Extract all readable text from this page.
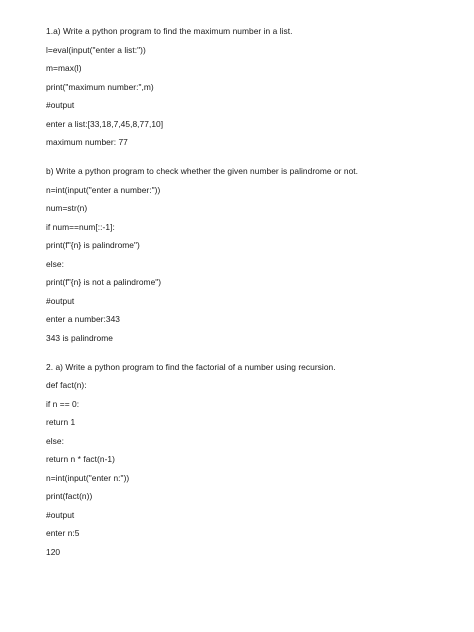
1.a) Write a python program to find the maximum number in a list.

l=eval(input("enter a list:"))

m=max(l)

print("maximum number:",m)

#output

enter a list:[33,18,7,45,8,77,10]

maximum number: 77

b) Write a python program to check whether the given number is palindrome or not.

n=int(input("enter a number:"))

num=str(n)

if num==num[::-1]:

print(f"{n} is palindrome")

else:

print(f"{n} is not a palindrome")

#output

enter a number:343

343 is palindrome

2. a) Write a python program to find the factorial of a number using recursion.

def fact(n):

if n == 0:

return 1

else:

return n * fact(n-1)

n=int(input("enter n:"))

print(fact(n))

#output

enter n:5

120
